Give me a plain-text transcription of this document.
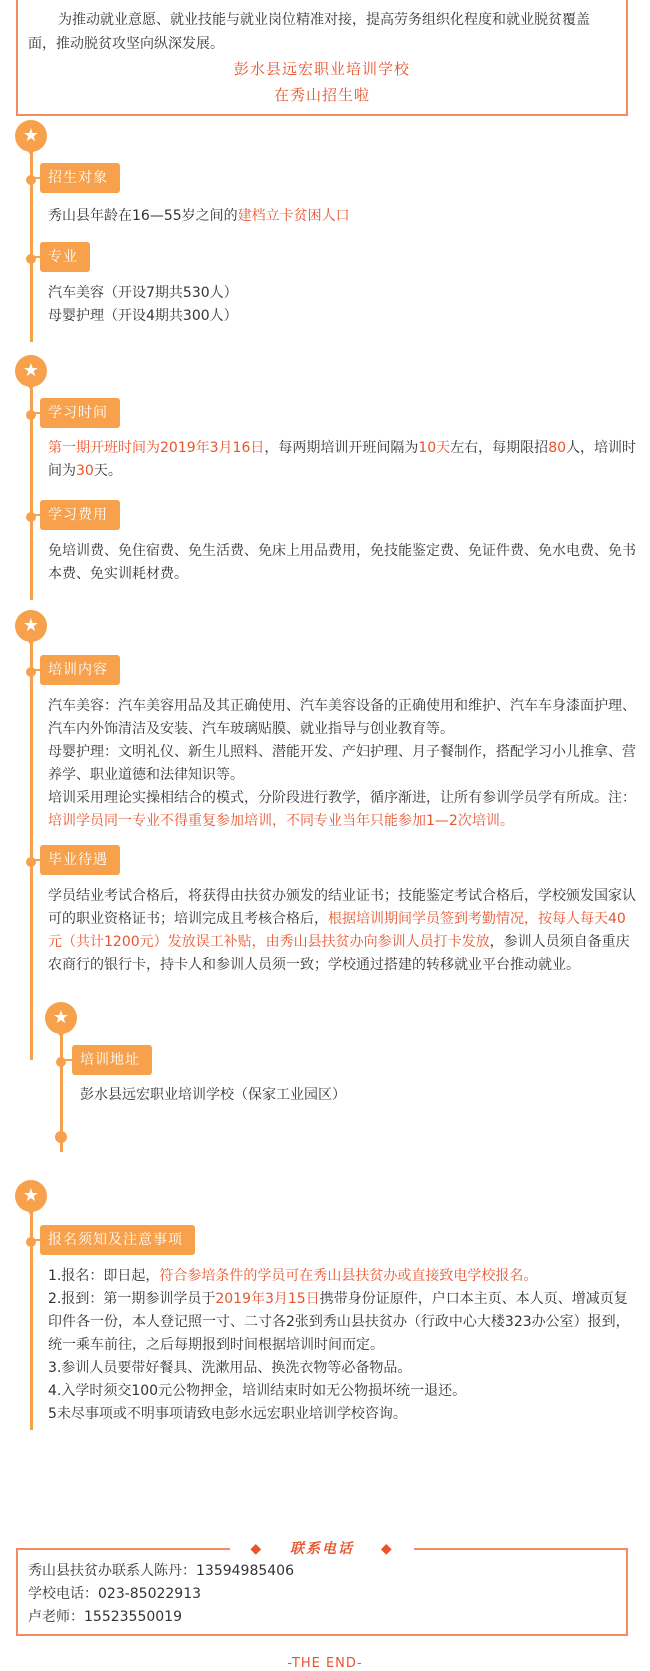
为推动就业意愿、就业技能与就业岗位精准对接，提高劳务组织化程度和就业脱贫覆盖面，推动脱贫攻坚向纵深发展。
彭水县远宏职业培训学校
在秀山招生啦
★
招生对象
秀山县年龄在16—55岁之间的建档立卡贫困人口
专业
汽车美容（开设7期共530人）
母婴护理（开设4期共300人）
★
学习时间
第一期开班时间为2019年3月16日，每两期培训开班间隔为10天左右，每期限招80人，培训时间为30天。
学习费用
免培训费、免住宿费、免生活费、免床上用品费用，免技能鉴定费、免证件费、免水电费、免书本费、免实训耗材费。
★
培训内容
汽车美容：汽车美容用品及其正确使用、汽车美容设备的正确使用和维护、汽车车身漆面护理、汽车内外饰清洁及安装、汽车玻璃贴膜、就业指导与创业教育等。
母婴护理：文明礼仪、新生儿照料、潜能开发、产妇护理、月子餐制作，搭配学习小儿推拿、营养学、职业道德和法律知识等。
培训采用理论实操相结合的模式，分阶段进行教学，循序渐进，让所有参训学员学有所成。注：培训学员同一专业不得重复参加培训，不同专业当年只能参加1—2次培训。
毕业待遇
学员结业考试合格后，将获得由扶贫办颁发的结业证书；技能鉴定考试合格后，学校颁发国家认可的职业资格证书；培训完成且考核合格后，根据培训期间学员签到考勤情况，按每人每天40元（共计1200元）发放误工补贴，由秀山县扶贫办向参训人员打卡发放，参训人员须自备重庆农商行的银行卡，持卡人和参训人员须一致；学校通过搭建的转移就业平台推动就业。
★
培训地址
彭水县远宏职业培训学校（保家工业园区）
★
报名须知及注意事项
1.报名：即日起，符合参培条件的学员可在秀山县扶贫办或直接致电学校报名。
2.报到：第一期参训学员于2019年3月15日携带身份证原件，户口本主页、本人页、增减页复印件各一份，本人登记照一寸、二寸各2张到秀山县扶贫办（行政中心大楼323办公室）报到，统一乘车前往，之后每期报到时间根据培训时间而定。
3.参训人员要带好餐具、洗漱用品、换洗衣物等必备物品。
4.入学时须交100元公物押金，培训结束时如无公物损坏统一退还。
5未尽事项或不明事项请致电彭水远宏职业培训学校咨询。
◆ 联系电话 ◆
秀山县扶贫办联系人陈丹：13594985406
学校电话：023-85022913
卢老师：15523550019
-THE END-
